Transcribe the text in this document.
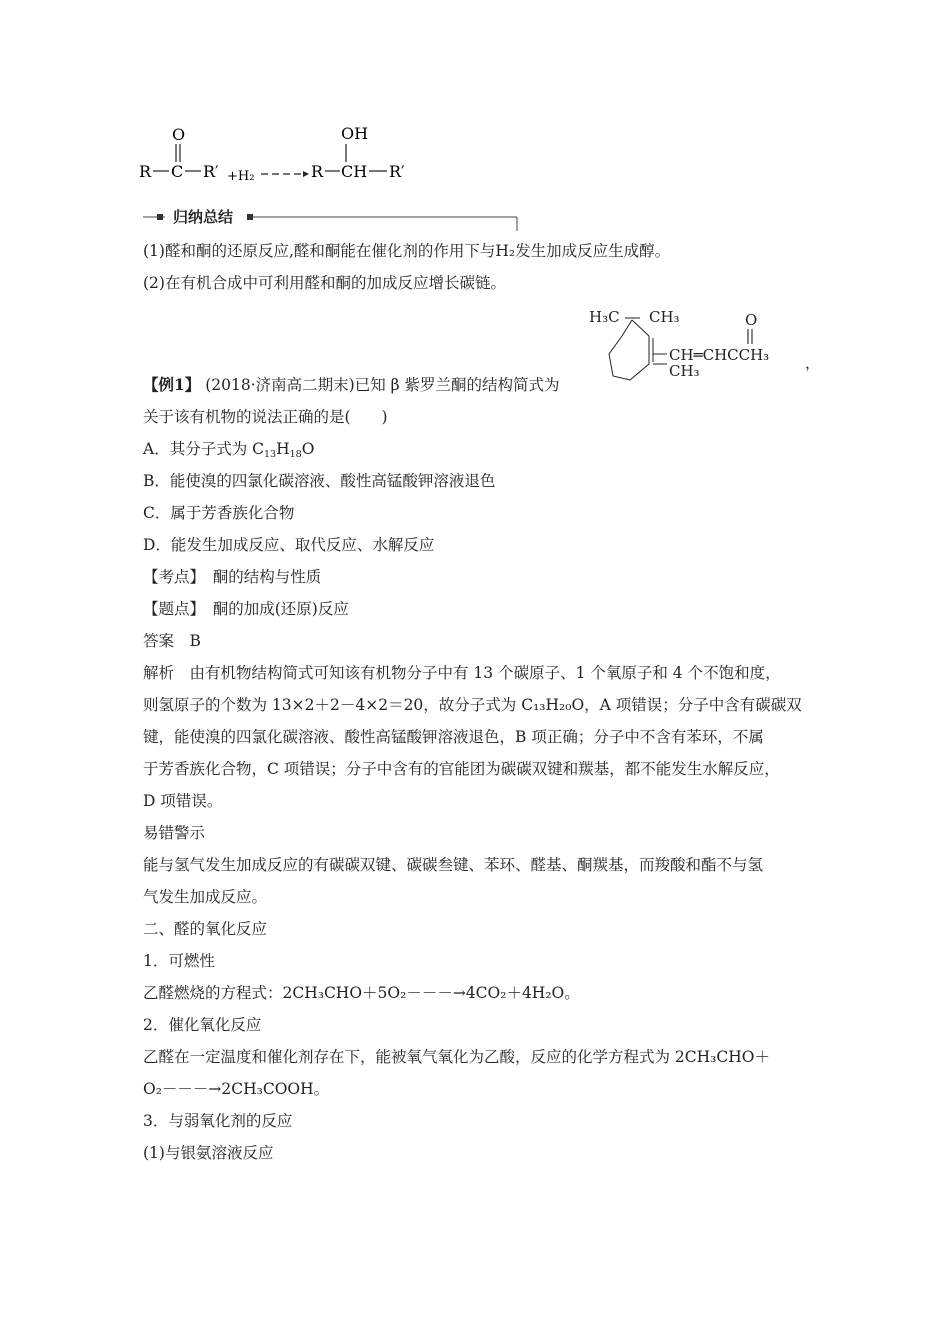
O
R C R′ +H₂
OH
R CH R′
归纳总结
(1)醛和酮的还原反应,醛和酮能在催化剂的作用下与H₂发生加成反应生成醇。
(2)在有机合成中可利用醛和酮的加成反应增长碳链。
H₃C CH₃	O
CH═CHCCH₃
CH₃	，
【例1】 (2018·济南高二期末)已知 β 紫罗兰酮的结构简式为
关于该有机物的说法正确的是(　　)
A．其分子式为 $C_{13}H_{18}O$
B．能使溴的四氯化碳溶液、酸性高锰酸钾溶液退色
C．属于芳香族化合物
D．能发生加成反应、取代反应、水解反应
【考点】　酮的结构与性质
【题点】　酮的加成(还原)反应
答案　B
解析　由有机物结构简式可知该有机物分子中有 13 个碳原子、1 个氧原子和 4 个不饱和度，
则氢原子的个数为 13×2＋2－4×2＝20，故分子式为 C₁₃H₂₀O，A 项错误；分子中含有碳碳双
键，能使溴的四氯化碳溶液、酸性高锰酸钾溶液退色，B 项正确；分子中不含有苯环，不属
于芳香族化合物，C 项错误；分子中含有的官能团为碳碳双键和羰基，都不能发生水解反应，
D 项错误。
易错警示
能与氢气发生加成反应的有碳碳双键、碳碳叁键、苯环、醛基、酮羰基，而羧酸和酯不与氢
气发生加成反应。
二、醛的氧化反应
1．可燃性
乙醛燃烧的方程式：2CH₃CHO＋5O₂－－－→4CO₂＋4H₂O。
2．催化氧化反应
乙醛在一定温度和催化剂存在下，能被氧气氧化为乙酸，反应的化学方程式为 2CH₃CHO＋
O₂－－－→2CH₃COOH。
3．与弱氧化剂的反应
(1)与银氨溶液反应
